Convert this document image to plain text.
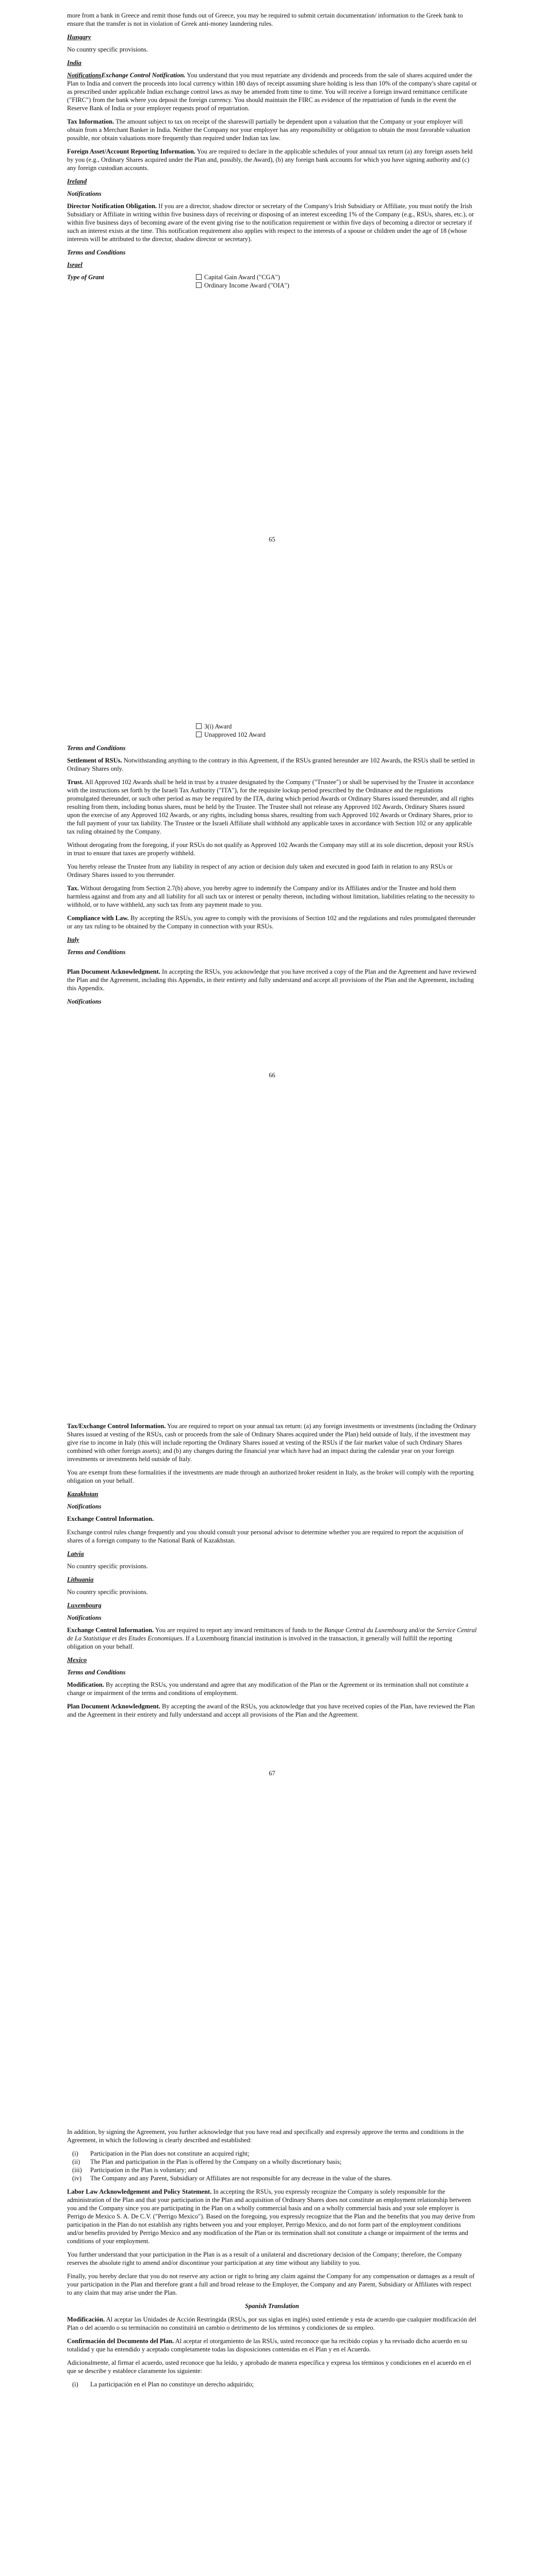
more from a bank in Greece and remit those funds out of Greece, you may be required to submit certain documentation/ information to the Greek bank to ensure that the transfer is not in violation of Greek anti-money laundering rules.

Hungary

No country specific provisions.

India

NotificationsExchange Control Notification. You understand that you must repatriate any dividends and proceeds from the sale of shares acquired under the Plan to India and convert the proceeds into local currency within 180 days of receipt assuming share holding is less than 10% of the company's share capital or as prescribed under applicable Indian exchange control laws as may be amended from time to time. You will receive a foreign inward remittance certificate ("FIRC") from the bank where you deposit the foreign currency. You should maintain the FIRC as evidence of the repatriation of funds in the event the Reserve Bank of India or your employer requests proof of repatriation.

Tax Information. The amount subject to tax on receipt of the shareswill partially be dependent upon a valuation that the Company or your employer will obtain from a Merchant Banker in India. Neither the Company nor your employer has any responsibility or obligation to obtain the most favorable valuation possible, nor obtain valuations more frequently than required under Indian tax law.

Foreign Asset/Account Reporting Information. You are required to declare in the applicable schedules of your annual tax return (a) any foreign assets held by you (e.g., Ordinary Shares acquired under the Plan and, possibly, the Award), (b) any foreign bank accounts for which you have signing authority and (c) any foreign custodian accounts.

Ireland

Notifications

Director Notification Obligation. If you are a director, shadow director or secretary of the Company's Irish Subsidiary or Affiliate, you must notify the Irish Subsidiary or Affiliate in writing within five business days of receiving or disposing of an interest exceeding 1% of the Company (e.g., RSUs, shares, etc.), or within five business days of becoming aware of the event giving rise to the notification requirement or within five days of becoming a director or secretary if such an interest exists at the time. This notification requirement also applies with respect to the interests of a spouse or children under the age of 18 (whose interests will be attributed to the director, shadow director or secretary).

Terms and Conditions

Israel

Type of Grant	Capital Gain Award ("CGA")
Ordinary Income Award ("OIA")
65
3(i) Award
Unapproved 102 Award

Terms and Conditions

Settlement of RSUs. Notwithstanding anything to the contrary in this Agreement, if the RSUs granted hereunder are 102 Awards, the RSUs shall be settled in Ordinary Shares only.

Trust. All Approved 102 Awards shall be held in trust by a trustee designated by the Company ("Trustee") or shall be supervised by the Trustee in accordance with the instructions set forth by the Israeli Tax Authority ("ITA"), for the requisite lockup period prescribed by the Ordinance and the regulations promulgated thereunder, or such other period as may be required by the ITA, during which period Awards or Ordinary Shares issued thereunder, and all rights resulting from them, including bonus shares, must be held by the Trustee. The Trustee shall not release any Approved 102 Awards, Ordinary Shares issued upon the exercise of any Approved 102 Awards, or any rights, including bonus shares, resulting from such Approved 102 Awards or Ordinary Shares, prior to the full payment of your tax liability. The Trustee or the Israeli Affiliate shall withhold any applicable taxes in accordance with Section 102 or any applicable tax ruling obtained by the Company.

Without derogating from the foregoing, if your RSUs do not qualify as Approved 102 Awards the Company may still at its sole discretion, deposit your RSUs in trust to ensure that taxes are properly withheld.

You hereby release the Trustee from any liability in respect of any action or decision duly taken and executed in good faith in relation to any RSUs or Ordinary Shares issued to you thereunder.

Tax. Without derogating from Section 2.7(b) above, you hereby agree to indemnify the Company and/or its Affiliates and/or the Trustee and hold them harmless against and from any and all liability for all such tax or interest or penalty thereon, including without limitation, liabilities relating to the necessity to withhold, or to have withheld, any such tax from any payment made to you.

Compliance with Law. By accepting the RSUs, you agree to comply with the provisions of Section 102 and the regulations and rules promulgated thereunder or any tax ruling to be obtained by the Company in connection with your RSUs.

Italy

Terms and Conditions

Plan Document Acknowledgment. In accepting the RSUs, you acknowledge that you have received a copy of the Plan and the Agreement and have reviewed the Plan and the Agreement, including this Appendix, in their entirety and fully understand and accept all provisions of the Plan and the Agreement, including this Appendix.

Notifications

66

Tax/Exchange Control Information. You are required to report on your annual tax return: (a) any foreign investments or investments (including the Ordinary Shares issued at vesting of the RSUs, cash or proceeds from the sale of Ordinary Shares acquired under the Plan) held outside of Italy, if the investment may give rise to income in Italy (this will include reporting the Ordinary Shares issued at vesting of the RSUs if the fair market value of such Ordinary Shares combined with other foreign assets); and (b) any changes during the financial year which have had an impact during the calendar year on your foreign investments or investments held outside of Italy.

You are exempt from these formalities if the investments are made through an authorized broker resident in Italy, as the broker will comply with the reporting obligation on your behalf.

Kazakhstan

Notifications

Exchange Control Information.

Exchange control rules change frequently and you should consult your personal advisor to determine whether you are required to report the acquisition of shares of a foreign company to the National Bank of Kazakhstan.

Latvia

No country specific provisions.

Lithuania

No country specific provisions.

Luxembourg

Notifications

Exchange Control Information. You are required to report any inward remittances of funds to the Banque Central du Luxembourg and/or the Service Central de La Statistique et des Etudes Economiques. If a Luxembourg financial institution is involved in the transaction, it generally will fulfill the reporting obligation on your behalf.

Mexico

Terms and Conditions

Modification. By accepting the RSUs, you understand and agree that any modification of the Plan or the Agreement or its termination shall not constitute a change or impairment of the terms and conditions of employment.

Plan Document Acknowledgment. By accepting the award of the RSUs, you acknowledge that you have received copies of the Plan, have reviewed the Plan and the Agreement in their entirety and fully understand and accept all provisions of the Plan and the Agreement.

67

In addition, by signing the Agreement, you further acknowledge that you have read and specifically and expressly approve the terms and conditions in the Agreement, in which the following is clearly described and established:

(i)	Participation in the Plan does not constitute an acquired right;
(ii)	The Plan and participation in the Plan is offered by the Company on a wholly discretionary basis;
(iii)	Participation in the Plan is voluntary; and
(iv)	The Company and any Parent, Subsidiary or Affiliates are not responsible for any decrease in the value of the shares.

Labor Law Acknowledgement and Policy Statement. In accepting the RSUs, you expressly recognize the Company is solely responsible for the administration of the Plan and that your participation in the Plan and acquisition of Ordinary Shares does not constitute an employment relationship between you and the Company since you are participating in the Plan on a wholly commercial basis and on a wholly commercial basis and your sole employer is Perrigo de Mexico S. A. De C.V. ("Perrigo Mexico"). Based on the foregoing, you expressly recognize that the Plan and the benefits that you may derive from participation in the Plan do not establish any rights between you and your employer, Perrigo Mexico, and do not form part of the employment conditions and/or benefits provided by Perrigo Mexico and any modification of the Plan or its termination shall not constitute a change or impairment of the terms and conditions of your employment.

You further understand that your participation in the Plan is as a result of a unilateral and discretionary decision of the Company; therefore, the Company reserves the absolute right to amend and/or discontinue your participation at any time without any liability to you.

Finally, you hereby declare that you do not reserve any action or right to bring any claim against the Company for any compensation or damages as a result of your participation in the Plan and therefore grant a full and broad release to the Employer, the Company and any Parent, Subsidiary or Affiliates with respect to any claim that may arise under the Plan.

Spanish Translation

Modificación. Al aceptar las Unidades de Acción Restringida (RSUs, por sus siglas en inglés) usted entiende y esta de acuerdo que cualquier modificación del Plan o del acuerdo o su terminación no constituirá un cambio o detrimento de los términos y condiciones de su empleo.

Confirmación del Documento del Plan. Al aceptar el otorgamiento de las RSUs, usted reconoce que ha recibido copias y ha revisado dicho acuerdo en su totalidad y que ha entendido y aceptado completamente todas las disposiciones contenidas en el Plan y en el Acuerdo.

Adicionalmente, al firmar el acuerdo, usted reconoce que ha leído, y aprobado de manera específica y expresa los términos y condiciones en el acuerdo en el que se describe y establece claramente los siguiente:

(i)	La participación en el Plan no constituye un derecho adquirido;
